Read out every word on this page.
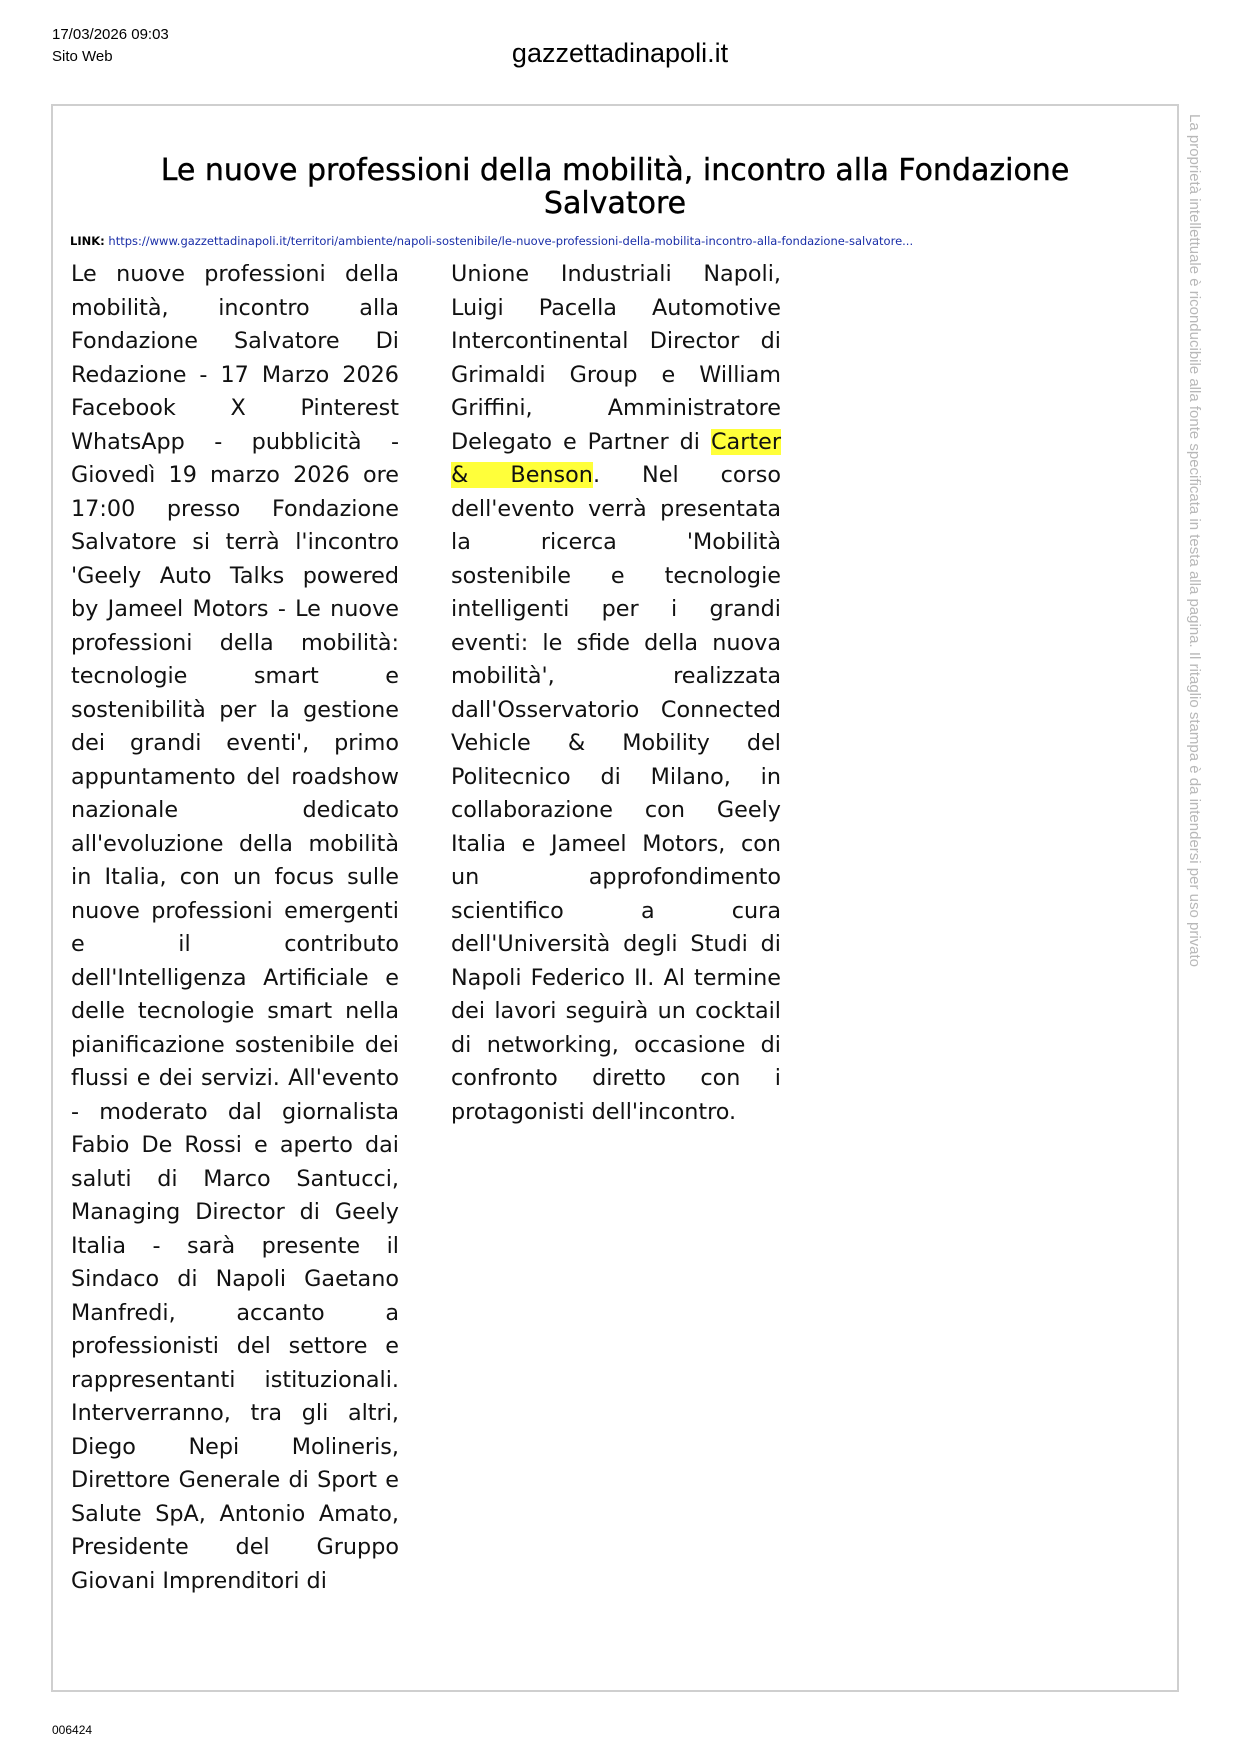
17/03/2026 09:03
Sito Web	gazzettadinapoli.it
Le nuove professioni della mobilità, incontro alla Fondazione Salvatore
LINK: https://www.gazzettadinapoli.it/territori/ambiente/napoli-sostenibile/le-nuove-professioni-della-mobilita-incontro-alla-fondazione-salvatore...

Le nuove professioni della mobilità, incontro alla Fondazione Salvatore Di Redazione - 17 Marzo 2026 Facebook X Pinterest WhatsApp - pubblicità - Giovedì 19 marzo 2026 ore 17:00 presso Fondazione Salvatore si terrà l'incontro 'Geely Auto Talks powered by Jameel Motors - Le nuove professioni della mobilità: tecnologie smart e sostenibilità per la gestione dei grandi eventi', primo appuntamento del roadshow nazionale dedicato all'evoluzione della mobilità in Italia, con un focus sulle nuove professioni emergenti e il contributo dell'Intelligenza Artificiale e delle tecnologie smart nella pianificazione sostenibile dei flussi e dei servizi. All'evento - moderato dal giornalista Fabio De Rossi e aperto dai saluti di Marco Santucci, Managing Director di Geely Italia - sarà presente il Sindaco di Napoli Gaetano Manfredi, accanto a professionisti del settore e rappresentanti istituzionali. Interverranno, tra gli altri, Diego Nepi Molineris, Direttore Generale di Sport e Salute SpA, Antonio Amato, Presidente del Gruppo Giovani Imprenditori di

Unione Industriali Napoli, Luigi Pacella Automotive Intercontinental Director di Grimaldi Group e William Griffini, Amministratore Delegato e Partner di Carter & Benson. Nel corso dell'evento verrà presentata la ricerca 'Mobilità sostenibile e tecnologie intelligenti per i grandi eventi: le sfide della nuova mobilità', realizzata dall'Osservatorio Connected Vehicle & Mobility del Politecnico di Milano, in collaborazione con Geely Italia e Jameel Motors, con un approfondimento scientifico a cura dell'Università degli Studi di Napoli Federico II. Al termine dei lavori seguirà un cocktail di networking, occasione di confronto diretto con i protagonisti dell'incontro.

La proprietà intellettuale è riconducibile alla fonte specificata in testa alla pagina. Il ritaglio stampa è da intendersi per uso privato
006424
